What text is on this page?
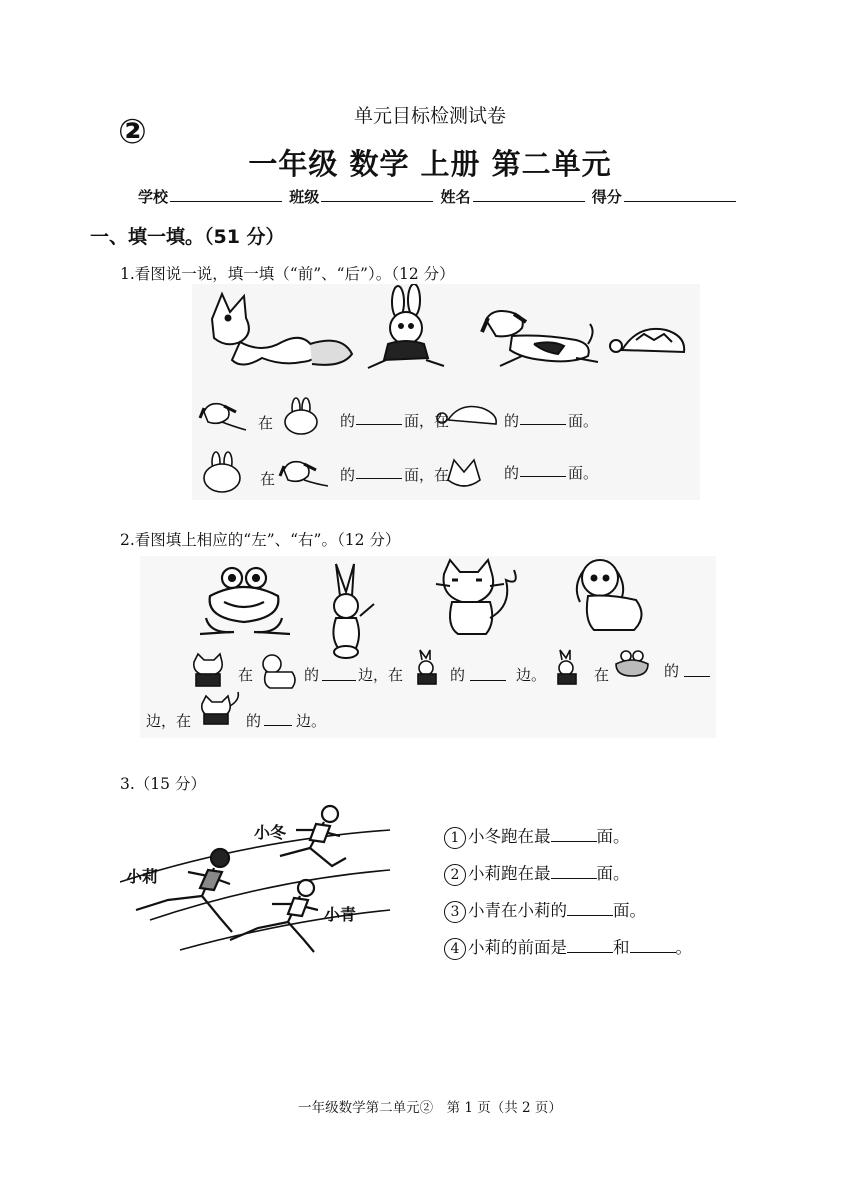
②	单元目标检测试卷
一年级 数学 上册 第二单元
学校	班级	姓名	得分
一、填一填。（51 分）
1.看图说一说，填一填（“前”、“后”）。（12 分）
在	的	面，在	的	面。
在	的	面，在	的	面。
2.看图填上相应的“左”、“右”。（12 分）
在	的	边，在	的	边。	在	的
边，在	的 边。
3.（15 分）
小冬
小莉
小青
1 小冬跑在最	面。
2 小莉跑在最	面。
3 小青在小莉的	面。
4 小莉的前面是	和	。
一年级数学第二单元②　第 1 页（共 2 页）
